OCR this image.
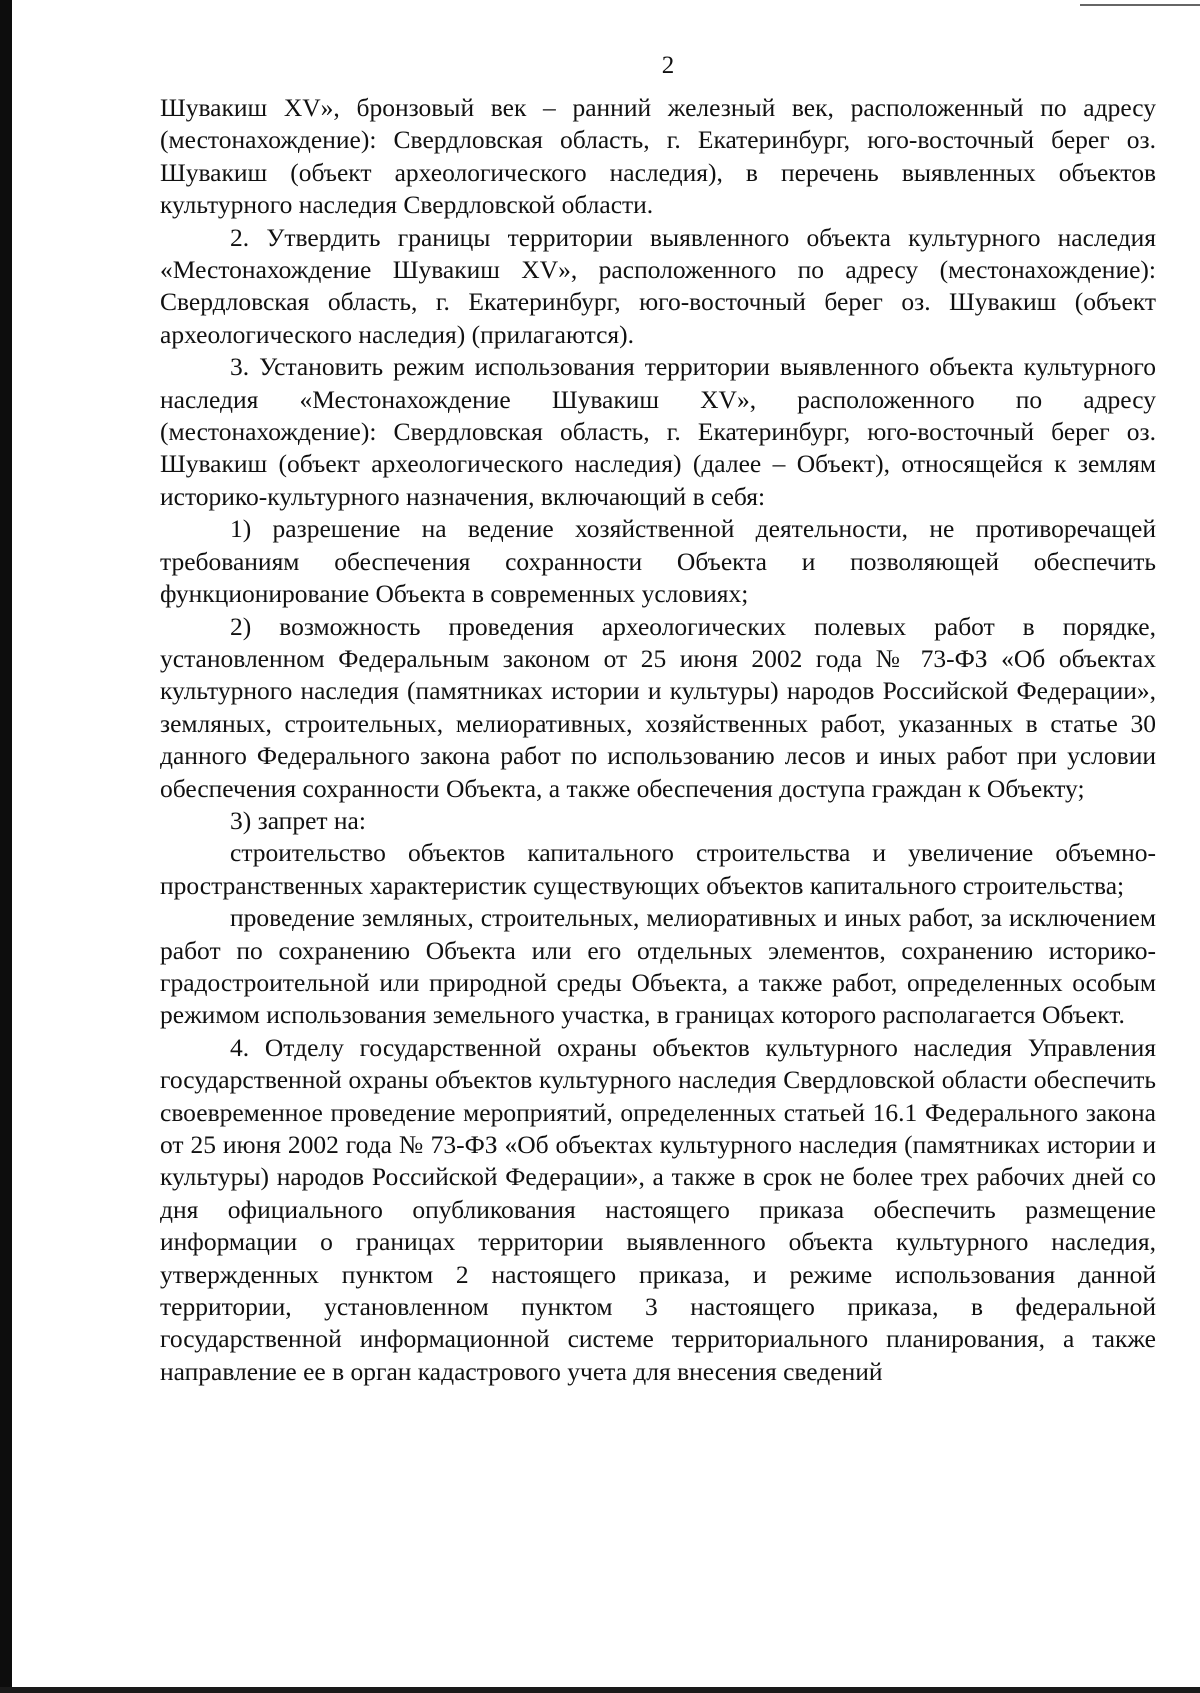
2

Шувакиш XV», бронзовый век – ранний железный век, расположенный по адресу (местонахождение): Свердловская область, г. Екатеринбург, юго-восточный берег оз. Шувакиш (объект археологического наследия), в перечень выявленных объектов культурного наследия Свердловской области.

2. Утвердить границы территории выявленного объекта культурного наследия «Местонахождение Шувакиш XV», расположенного по адресу (местонахождение): Свердловская область, г. Екатеринбург, юго-восточный берег оз. Шувакиш (объект археологического наследия) (прилагаются).

3. Установить режим использования территории выявленного объекта культурного наследия «Местонахождение Шувакиш XV», расположенного по адресу (местонахождение): Свердловская область, г. Екатеринбург, юго-восточный берег оз. Шувакиш (объект археологического наследия) (далее – Объект), относящейся к землям историко-культурного назначения, включающий в себя:

1) разрешение на ведение хозяйственной деятельности, не противоречащей требованиям обеспечения сохранности Объекта и позволяющей обеспечить функционирование Объекта в современных условиях;

2) возможность проведения археологических полевых работ в порядке, установленном Федеральным законом от 25 июня 2002 года № 73-ФЗ «Об объектах культурного наследия (памятниках истории и культуры) народов Российской Федерации», земляных, строительных, мелиоративных, хозяйственных работ, указанных в статье 30 данного Федерального закона работ по использованию лесов и иных работ при условии обеспечения сохранности Объекта, а также обеспечения доступа граждан к Объекту;

3) запрет на:

строительство объектов капитального строительства и увеличение объемно-пространственных характеристик существующих объектов капитального строительства;

проведение земляных, строительных, мелиоративных и иных работ, за исключением работ по сохранению Объекта или его отдельных элементов, сохранению историко-градостроительной или природной среды Объекта, а также работ, определенных особым режимом использования земельного участка, в границах которого располагается Объект.

4. Отделу государственной охраны объектов культурного наследия Управления государственной охраны объектов культурного наследия Свердловской области обеспечить своевременное проведение мероприятий, определенных статьей 16.1 Федерального закона от 25 июня 2002 года № 73-ФЗ «Об объектах культурного наследия (памятниках истории и культуры) народов Российской Федерации», а также в срок не более трех рабочих дней со дня официального опубликования настоящего приказа обеспечить размещение информации о границах территории выявленного объекта культурного наследия, утвержденных пунктом 2 настоящего приказа, и режиме использования данной территории, установленном пунктом 3 настоящего приказа, в федеральной государственной информационной системе территориального планирования, а также направление ее в орган кадастрового учета для внесения сведений
